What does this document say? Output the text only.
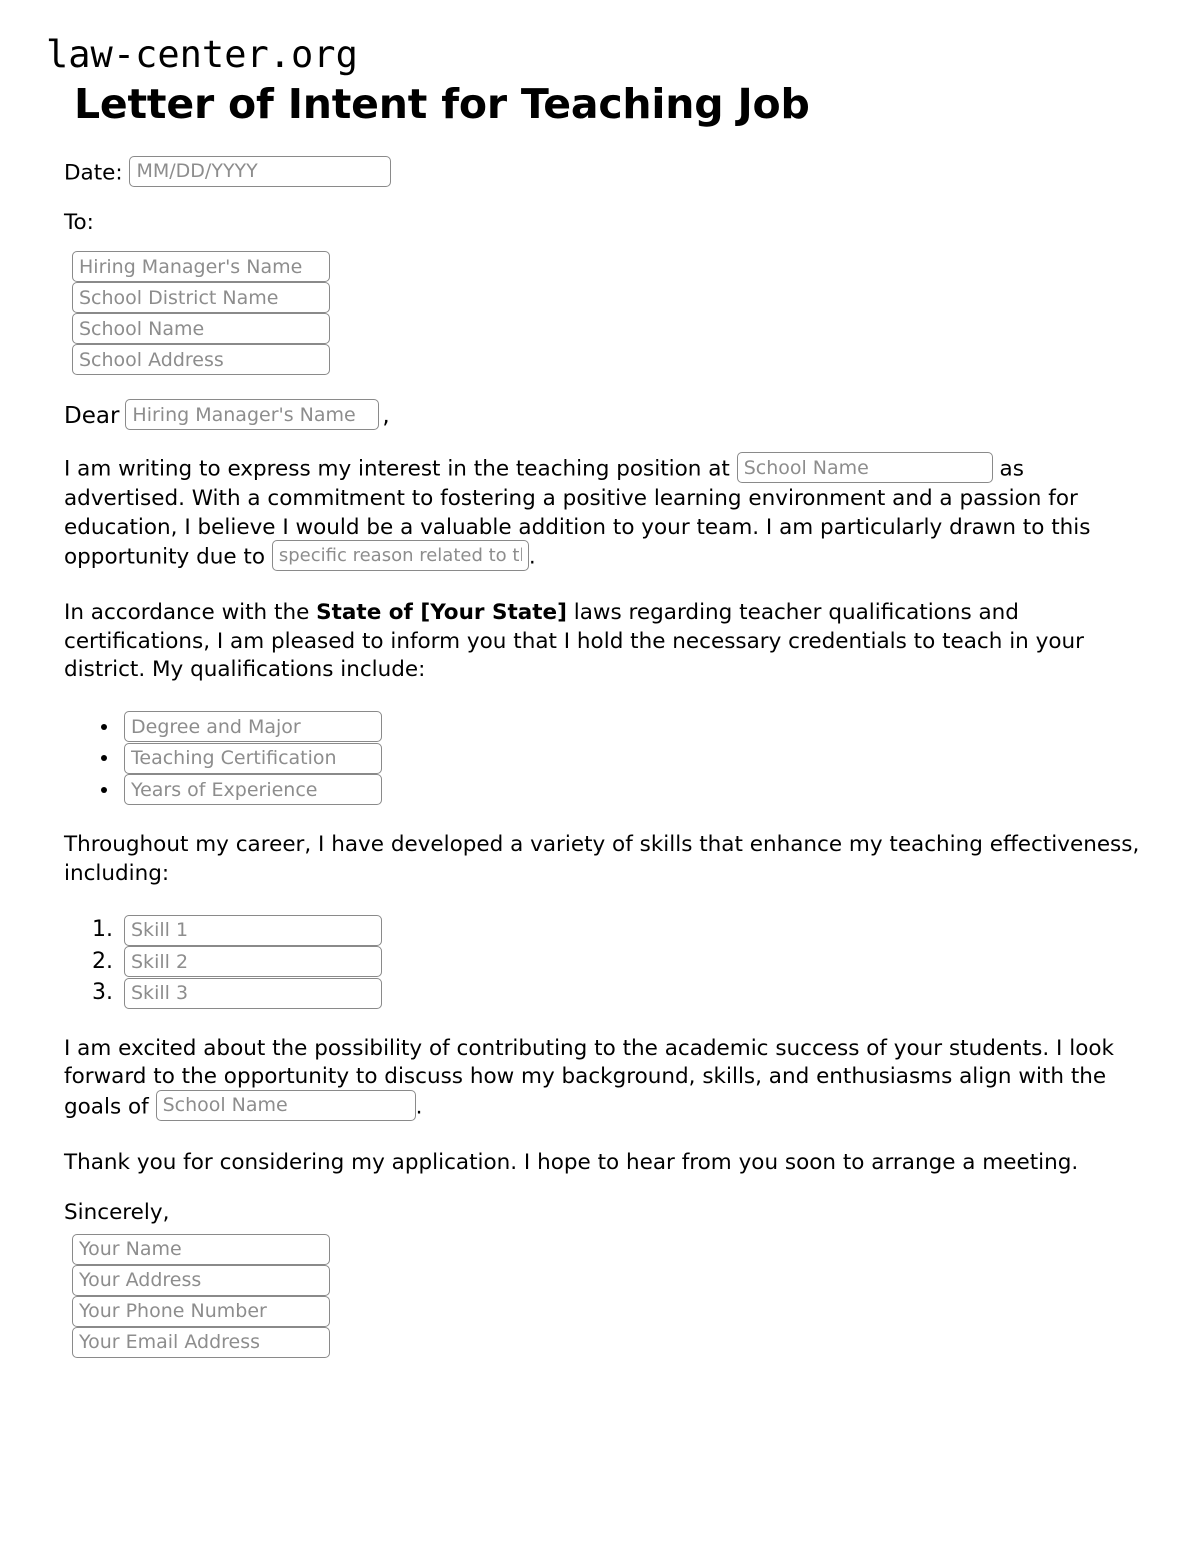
law-center.org
Letter of Intent for Teaching Job
Date: MM/DD/YYYY
To:
Hiring Manager's Name
School District Name
School Name
School Address
DearHiring Manager's Name	,

I am writing to express my interest in the teaching position at School Name	as advertised. With a commitment to fostering a positive learning environment and a passion for education, I believe I would be a valuable addition to your team. I am particularly drawn to this opportunity due to specific reason related to the school	.

In accordance with the State of [Your State] laws regarding teacher qualifications and certifications, I am pleased to inform you that I hold the necessary credentials to teach in your district. My qualifications include:

• Degree and Major
• Teaching Certification
• Years of Experience

Throughout my career, I have developed a variety of skills that enhance my teaching effectiveness, including:

1. Skill 1
2. Skill 2
3. Skill 3

I am excited about the possibility of contributing to the academic success of your students. I look forward to the opportunity to discuss how my background, skills, and enthusiasms align with the goals of School Name	.

Thank you for considering my application. I hope to hear from you soon to arrange a meeting.

Sincerely,
Your Name
Your Address
Your Phone Number
Your Email Address
